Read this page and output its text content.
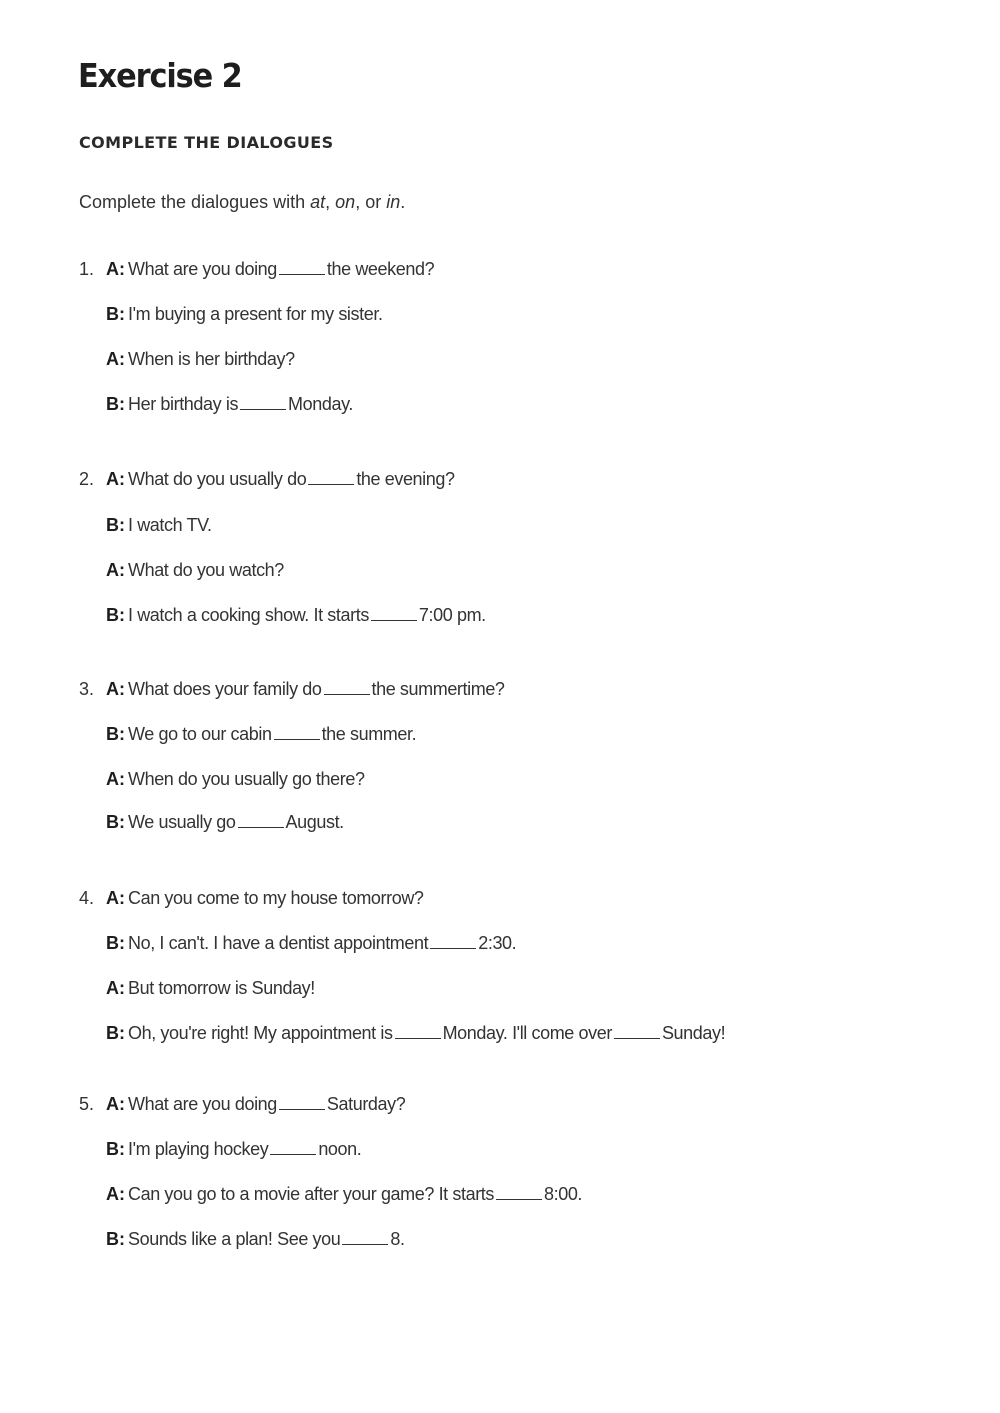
Exercise 2
COMPLETE THE DIALOGUES

Complete the dialogues with at, on, or in.

1. A: What are you doing	the weekend?
B: I'm buying a present for my sister.
A: When is her birthday?
B: Her birthday is	Monday.
2. A: What do you usually do	the evening?
B: I watch TV.
A: What do you watch?
B: I watch a cooking show. It starts	7:00 pm.
3. A: What does your family do	the summertime?
B: We go to our cabin	the summer.
A: When do you usually go there?
B: We usually go	August.
4. A: Can you come to my house tomorrow?
B: No, I can't. I have a dentist appointment	2:30.
A: But tomorrow is Sunday!
B: Oh, you're right! My appointment is	Monday. I'll come over	Sunday!
5. A: What are you doing	Saturday?
B: I'm playing hockey	noon.
A: Can you go to a movie after your game? It starts	8:00.
B: Sounds like a plan! See you	8.
